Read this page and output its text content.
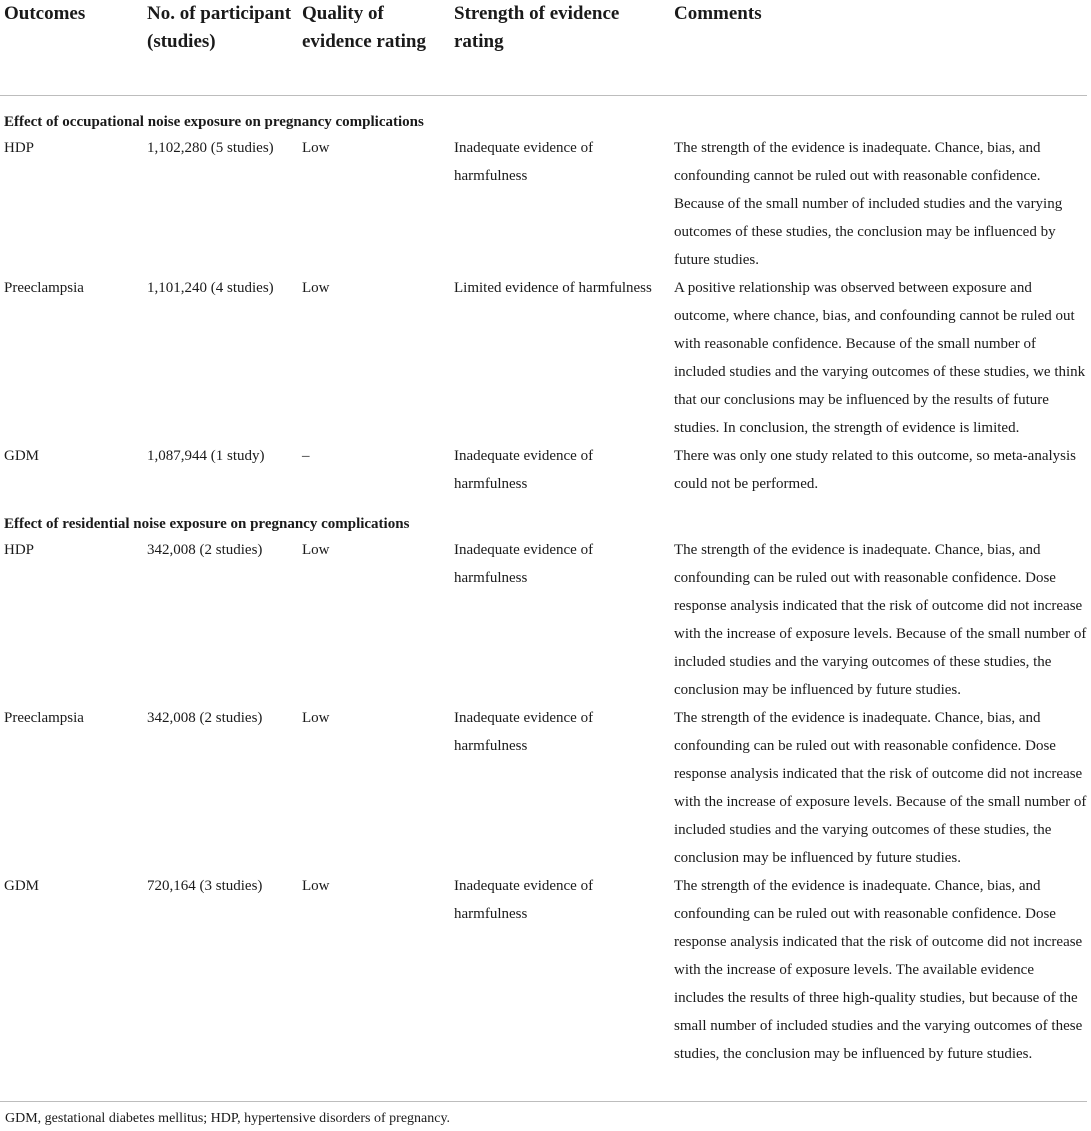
Outcomes	No. of participant (studies)	Quality of evidence rating	Strength of evidence rating	Comments
Effect of occupational noise exposure on pregnancy complications				
HDP	1,102,280 (5 studies)	Low	Inadequate evidence of harmfulness	The strength of the evidence is inadequate. Chance, bias, and confounding cannot be ruled out with reasonable confidence. Because of the small number of included studies and the varying outcomes of these studies, the conclusion may be influenced by future studies.
Preeclampsia	1,101,240 (4 studies)	Low	Limited evidence of harmfulness	A positive relationship was observed between exposure and outcome, where chance, bias, and confounding cannot be ruled out with reasonable confidence. Because of the small number of included studies and the varying outcomes of these studies, we think that our conclusions may be influenced by the results of future studies. In conclusion, the strength of evidence is limited.
GDM	1,087,944 (1 study)	–	Inadequate evidence of harmfulness	There was only one study related to this outcome, so meta-analysis could not be performed.
Effect of residential noise exposure on pregnancy complications				
HDP	342,008 (2 studies)	Low	Inadequate evidence of harmfulness	The strength of the evidence is inadequate. Chance, bias, and confounding can be ruled out with reasonable confidence. Dose response analysis indicated that the risk of outcome did not increase with the increase of exposure levels. Because of the small number of included studies and the varying outcomes of these studies, the conclusion may be influenced by future studies.
Preeclampsia	342,008 (2 studies)	Low	Inadequate evidence of harmfulness	The strength of the evidence is inadequate. Chance, bias, and confounding can be ruled out with reasonable confidence. Dose response analysis indicated that the risk of outcome did not increase with the increase of exposure levels. Because of the small number of included studies and the varying outcomes of these studies, the conclusion may be influenced by future studies.
GDM	720,164 (3 studies)	Low	Inadequate evidence of harmfulness	The strength of the evidence is inadequate. Chance, bias, and confounding can be ruled out with reasonable confidence. Dose response analysis indicated that the risk of outcome did not increase with the increase of exposure levels. The available evidence includes the results of three high-quality studies, but because of the small number of included studies and the varying outcomes of these studies, the conclusion may be influenced by future studies.
GDM, gestational diabetes mellitus; HDP, hypertensive disorders of pregnancy.
